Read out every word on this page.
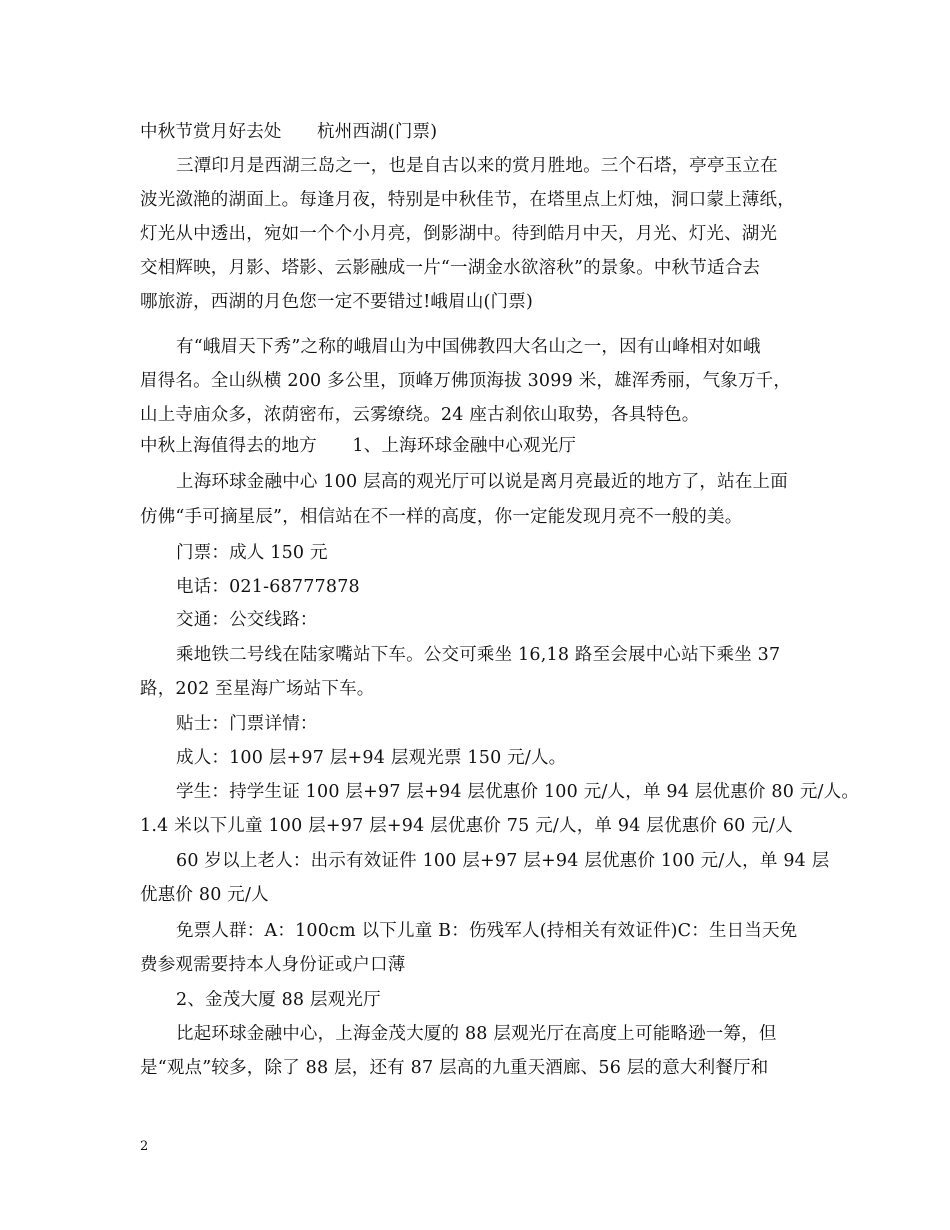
中秋节赏月好去处　　杭州西湖(门票)
三潭印月是西湖三岛之一，也是自古以来的赏月胜地。三个石塔，亭亭玉立在
波光潋滟的湖面上。每逢月夜，特别是中秋佳节，在塔里点上灯烛，洞口蒙上薄纸，
灯光从中透出，宛如一个个小月亮，倒影湖中。待到皓月中天，月光、灯光、湖光
交相辉映，月影、塔影、云影融成一片“一湖金水欲溶秋”的景象。中秋节适合去
哪旅游，西湖的月色您一定不要错过!峨眉山(门票)
有“峨眉天下秀”之称的峨眉山为中国佛教四大名山之一，因有山峰相对如峨
眉得名。全山纵横 200 多公里，顶峰万佛顶海拔 3099 米，雄浑秀丽，气象万千，
山上寺庙众多，浓荫密布，云雾缭绕。24 座古刹依山取势，各具特色。
中秋上海值得去的地方　　1、上海环球金融中心观光厅
上海环球金融中心 100 层高的观光厅可以说是离月亮最近的地方了，站在上面
仿佛“手可摘星辰”，相信站在不一样的高度，你一定能发现月亮不一般的美。
门票：成人 150 元
电话：021-68777878
交通：公交线路：
乘地铁二号线在陆家嘴站下车。公交可乘坐 16,18 路至会展中心站下乘坐 37
路，202 至星海广场站下车。
贴士：门票详情：
成人：100 层+97 层+94 层观光票 150 元/人。
学生：持学生证 100 层+97 层+94 层优惠价 100 元/人，单 94 层优惠价 80 元/人。
1.4 米以下儿童 100 层+97 层+94 层优惠价 75 元/人，单 94 层优惠价 60 元/人
60 岁以上老人：出示有效证件 100 层+97 层+94 层优惠价 100 元/人，单 94 层
优惠价 80 元/人
免票人群：A：100cm 以下儿童 B：伤残军人(持相关有效证件)C：生日当天免
费参观需要持本人身份证或户口薄
2、金茂大厦 88 层观光厅
比起环球金融中心，上海金茂大厦的 88 层观光厅在高度上可能略逊一筹，但
是“观点”较多，除了 88 层，还有 87 层高的九重天酒廊、56 层的意大利餐厅和
2
